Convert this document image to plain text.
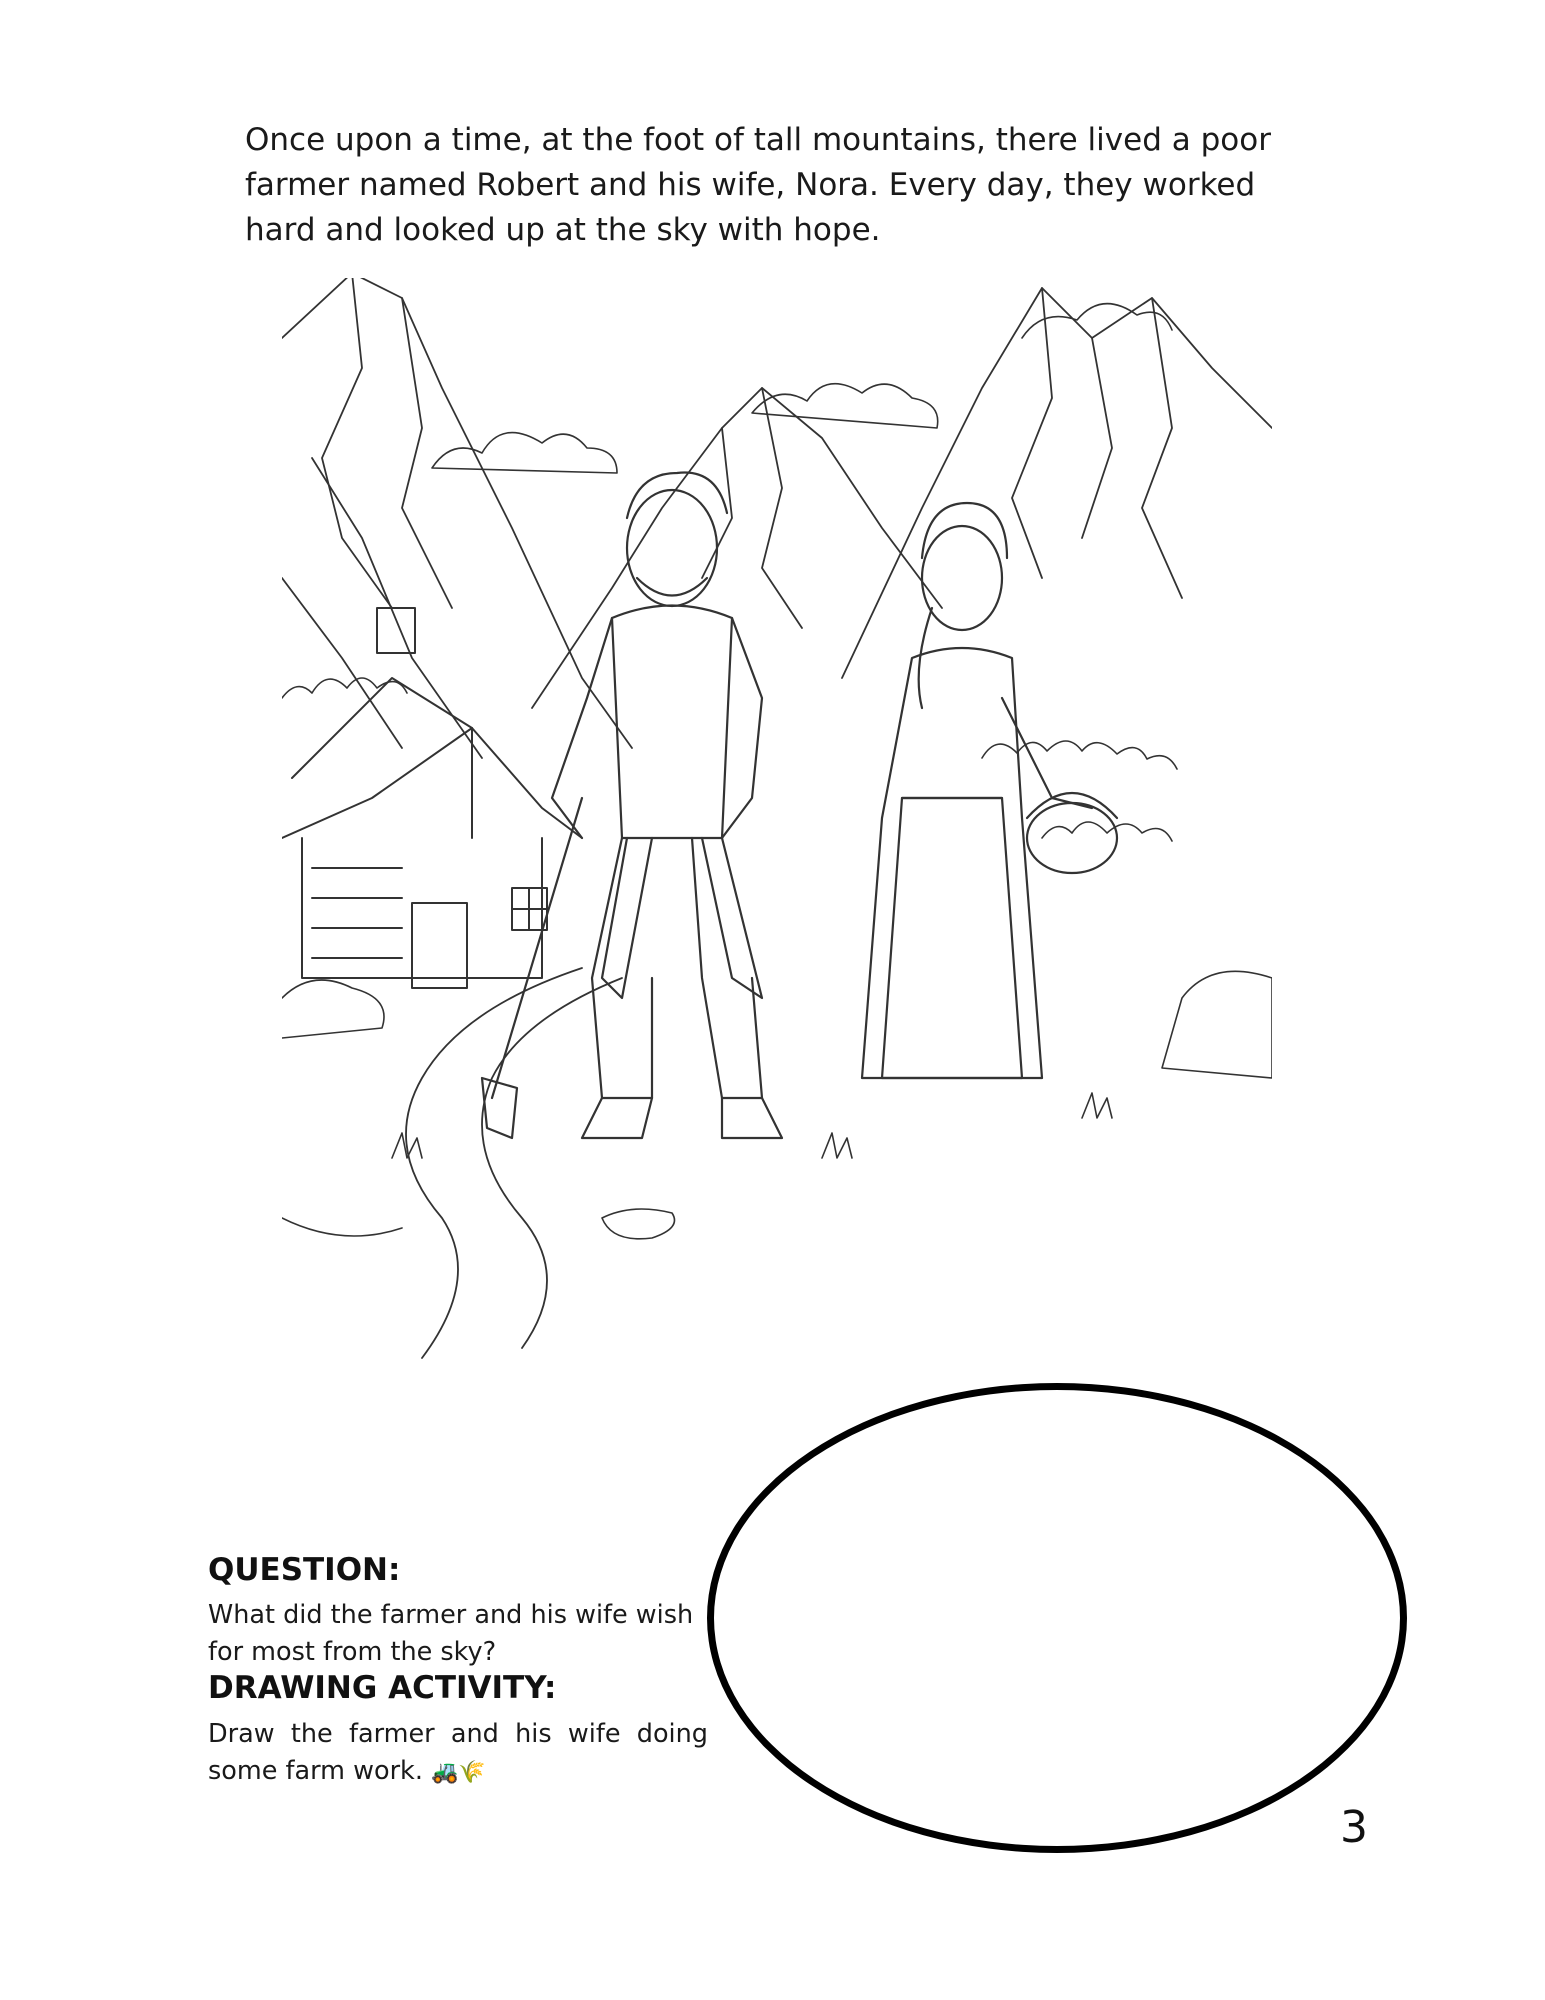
Once upon a time, at the foot of tall mountains, there lived a poor farmer named Robert and his wife, Nora. Every day, they worked hard and looked up at the sky with hope.
QUESTION:
What did the farmer and his wife wish for most from the sky?
DRAWING ACTIVITY:
Draw the farmer and his wife doing some farm work. 🚜🌾
3
